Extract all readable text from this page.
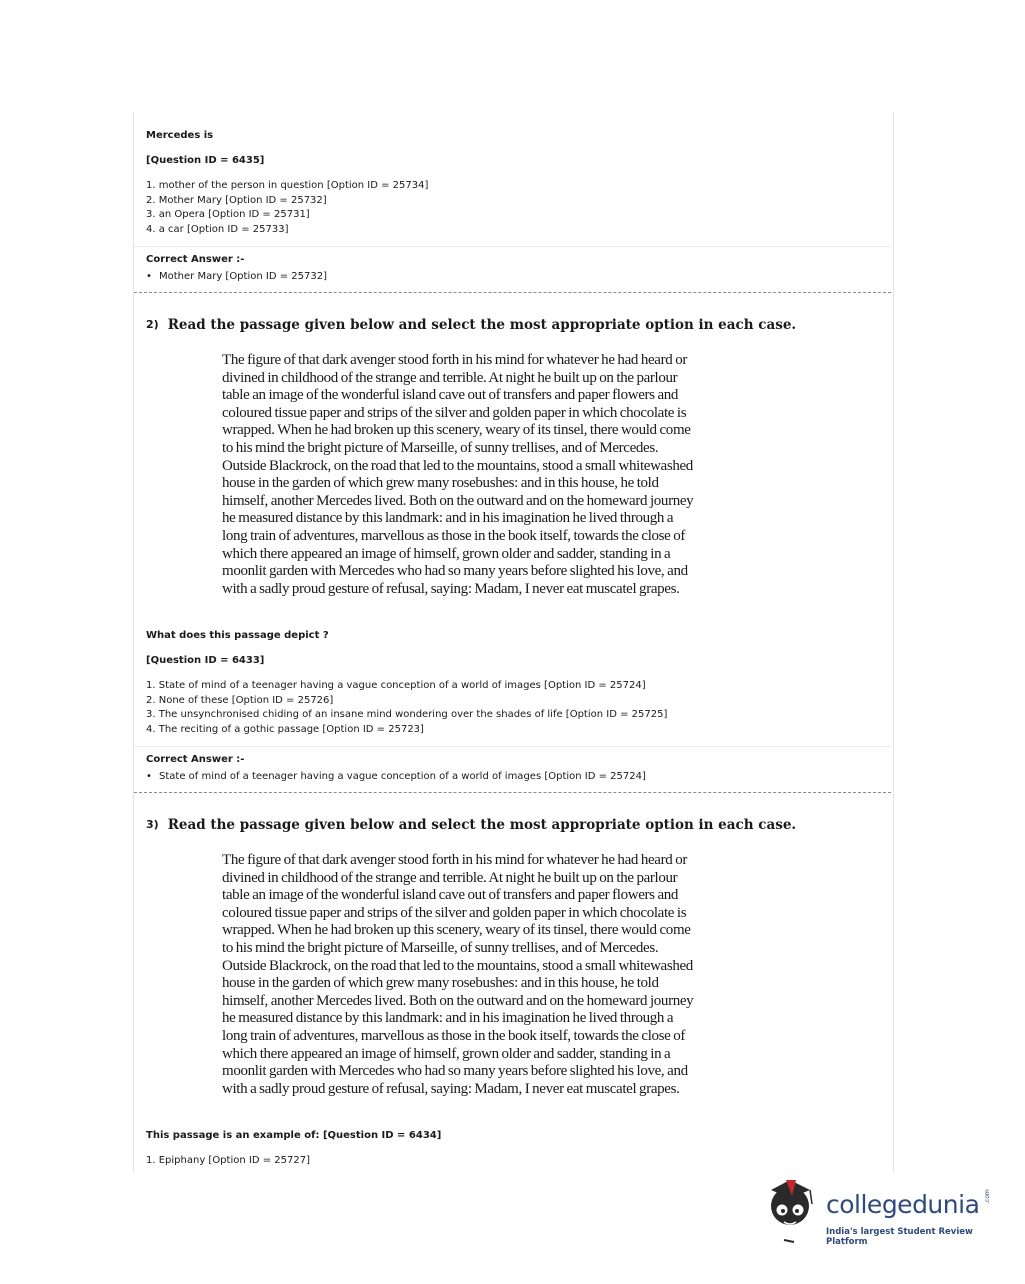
Mercedes is

[Question ID = 6435]

1. mother of the person in question [Option ID = 25734]
2. Mother Mary [Option ID = 25732]
3. an Opera [Option ID = 25731]
4. a car [Option ID = 25733]

Correct Answer :-

• Mother Mary [Option ID = 25732]
2) Read the passage given below and select the most appropriate option in each case.
The figure of that dark avenger stood forth in his mind for whatever he had heard or
divined in childhood of the strange and terrible. At night he built up on the parlour
table an image of the wonderful island cave out of transfers and paper flowers and
coloured tissue paper and strips of the silver and golden paper in which chocolate is
wrapped. When he had broken up this scenery, weary of its tinsel, there would come
to his mind the bright picture of Marseille, of sunny trellises, and of Mercedes.
Outside Blackrock, on the road that led to the mountains, stood a small whitewashed
house in the garden of which grew many rosebushes: and in this house, he told
himself, another Mercedes lived. Both on the outward and on the homeward journey
he measured distance by this landmark: and in his imagination he lived through a
long train of adventures, marvellous as those in the book itself, towards the close of
which there appeared an image of himself, grown older and sadder, standing in a
moonlit garden with Mercedes who had so many years before slighted his love, and
with a sadly proud gesture of refusal, saying: Madam, I never eat muscatel grapes.

What does this passage depict ?

[Question ID = 6433]

1. State of mind of a teenager having a vague conception of a world of images [Option ID = 25724]
2. None of these [Option ID = 25726]
3. The unsynchronised chiding of an insane mind wondering over the shades of life [Option ID = 25725]
4. The reciting of a gothic passage [Option ID = 25723]

Correct Answer :-

• State of mind of a teenager having a vague conception of a world of images [Option ID = 25724]
3) Read the passage given below and select the most appropriate option in each case.
The figure of that dark avenger stood forth in his mind for whatever he had heard or
divined in childhood of the strange and terrible. At night he built up on the parlour
table an image of the wonderful island cave out of transfers and paper flowers and
coloured tissue paper and strips of the silver and golden paper in which chocolate is
wrapped. When he had broken up this scenery, weary of its tinsel, there would come
to his mind the bright picture of Marseille, of sunny trellises, and of Mercedes.
Outside Blackrock, on the road that led to the mountains, stood a small whitewashed
house in the garden of which grew many rosebushes: and in this house, he told
himself, another Mercedes lived. Both on the outward and on the homeward journey
he measured distance by this landmark: and in his imagination he lived through a
long train of adventures, marvellous as those in the book itself, towards the close of
which there appeared an image of himself, grown older and sadder, standing in a
moonlit garden with Mercedes who had so many years before slighted his love, and
with a sadly proud gesture of refusal, saying: Madam, I never eat muscatel grapes.

This passage is an example of: [Question ID = 6434]

1. Epiphany [Option ID = 25727]
collegedunia .com
India's largest Student Review Platform
